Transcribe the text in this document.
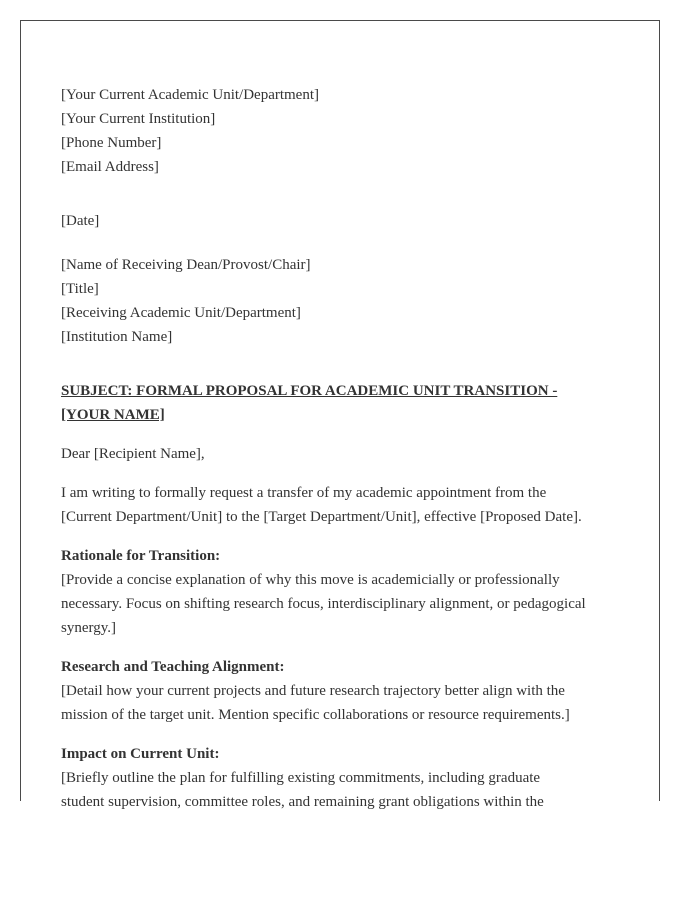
[Your Current Academic Unit/Department]
[Your Current Institution]
[Phone Number]
[Email Address]
[Date]
[Name of Receiving Dean/Provost/Chair]
[Title]
[Receiving Academic Unit/Department]
[Institution Name]
SUBJECT: FORMAL PROPOSAL FOR ACADEMIC UNIT TRANSITION -
[YOUR NAME]
Dear [Recipient Name],
I am writing to formally request a transfer of my academic appointment from the
[Current Department/Unit] to the [Target Department/Unit], effective [Proposed Date].
Rationale for Transition:
[Provide a concise explanation of why this move is academicially or professionally
necessary. Focus on shifting research focus, interdisciplinary alignment, or pedagogical
synergy.]
Research and Teaching Alignment:
[Detail how your current projects and future research trajectory better align with the
mission of the target unit. Mention specific collaborations or resource requirements.]
Impact on Current Unit:
[Briefly outline the plan for fulfilling existing commitments, including graduate
student supervision, committee roles, and remaining grant obligations within the
